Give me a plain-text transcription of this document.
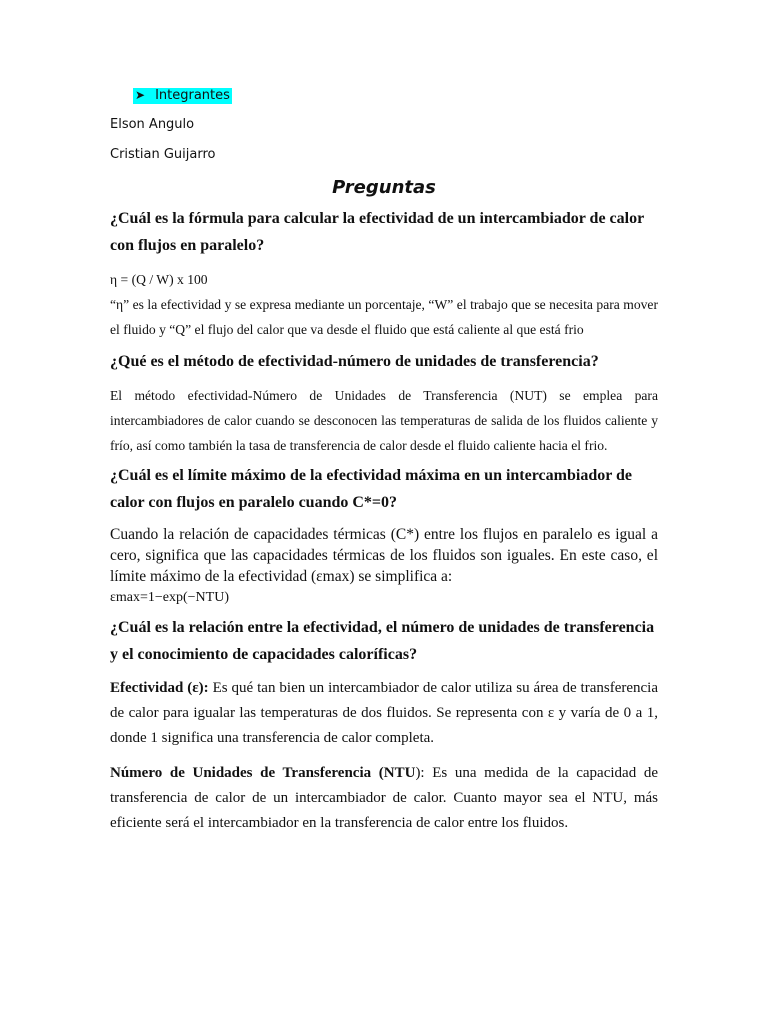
➤ Integrantes
Elson Angulo
Cristian Guijarro
Preguntas
¿Cuál es la fórmula para calcular la efectividad de un intercambiador de calor con flujos en paralelo?
η = (Q / W) x 100
“η” es la efectividad y se expresa mediante un porcentaje, “W” el trabajo que se necesita para mover el fluido y “Q” el flujo del calor que va desde el fluido que está caliente al que está frio
¿Qué es el método de efectividad-número de unidades de transferencia?
El método efectividad-Número de Unidades de Transferencia (NUT) se emplea para intercambiadores de calor cuando se desconocen las temperaturas de salida de los fluidos caliente y frío, así como también la tasa de transferencia de calor desde el fluido caliente hacia el frio.
¿Cuál es el límite máximo de la efectividad máxima en un intercambiador de calor con flujos en paralelo cuando C*=0?
Cuando la relación de capacidades térmicas (C*) entre los flujos en paralelo es igual a cero, significa que las capacidades térmicas de los fluidos son iguales. En este caso, el límite máximo de la efectividad (εmax) se simplifica a:
εmax=1−exp(−NTU)
¿Cuál es la relación entre la efectividad, el número de unidades de transferencia y el conocimiento de capacidades caloríficas?
Efectividad (ε): Es qué tan bien un intercambiador de calor utiliza su área de transferencia de calor para igualar las temperaturas de dos fluidos. Se representa con ε y varía de 0 a 1, donde 1 significa una transferencia de calor completa.
Número de Unidades de Transferencia (NTU): Es una medida de la capacidad de transferencia de calor de un intercambiador de calor. Cuanto mayor sea el NTU, más eficiente será el intercambiador en la transferencia de calor entre los fluidos.
